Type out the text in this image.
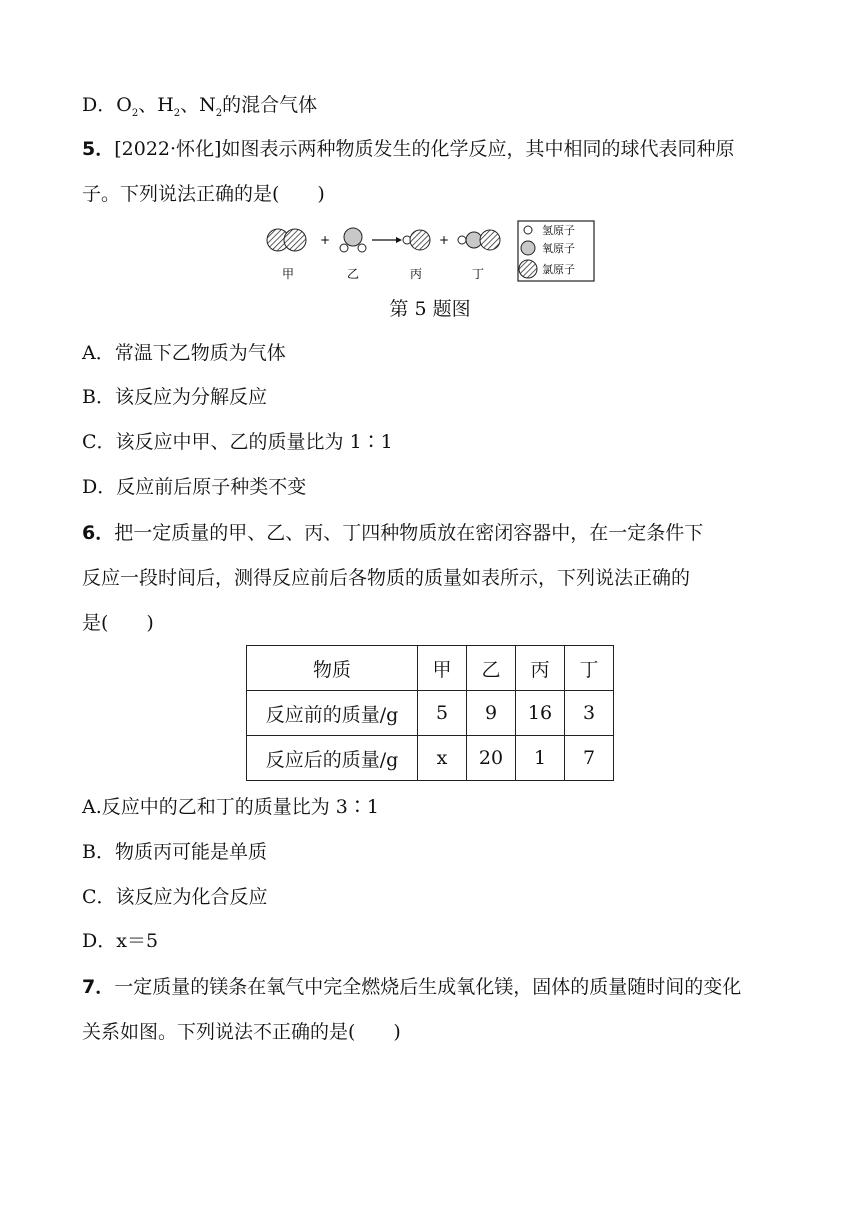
D．$O_2$、$H_2$、$N_2$的混合气体
5．[2022·怀化]如图表示两种物质发生的化学反应，其中相同的球代表同种原
子。下列说法正确的是(　　)
+	+
甲	乙	丙	丁
氢原子
氧原子
氯原子
第 5 题图
A．常温下乙物质为气体
B．该反应为分解反应
C．该反应中甲、乙的质量比为 1∶1
D．反应前后原子种类不变
6．把一定质量的甲、乙、丙、丁四种物质放在密闭容器中，在一定条件下
反应一段时间后，测得反应前后各物质的质量如表所示，下列说法正确的
是(　　)
物质	甲	乙	丙	丁
反应前的质量/g	5	9	16	3
反应后的质量/g	x	20	1	7
A.反应中的乙和丁的质量比为 3∶1
B．物质丙可能是单质
C．该反应为化合反应
D．x＝5
7．一定质量的镁条在氧气中完全燃烧后生成氧化镁，固体的质量随时间的变化
关系如图。下列说法不正确的是(　　)
